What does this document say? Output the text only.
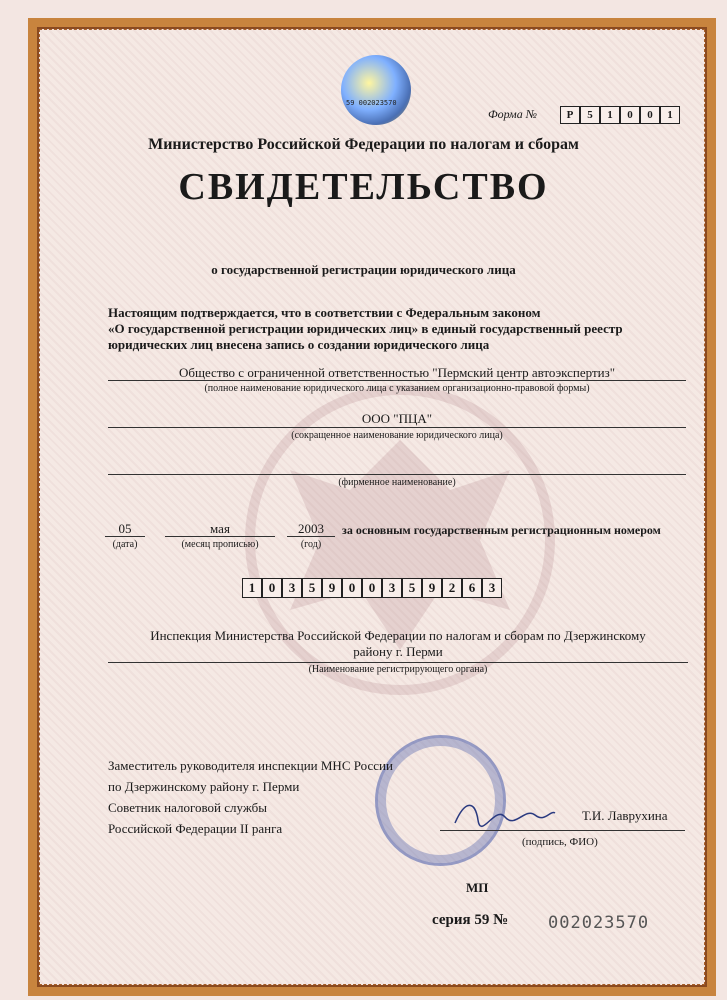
59 002023570
Форма №	Р	5	1	0	0	1
Министерство Российской Федерации по налогам и сборам
СВИДЕТЕЛЬСТВО
о государственной регистрации юридического лица
Настоящим подтверждается, что в соответствии с Федеральным законом
«О государственной регистрации юридических лиц» в единый государственный реестр
юридических лиц внесена запись о создании юридического лица
Общество с ограниченной ответственностью "Пермский центр автоэкспертиз"
(полное наименование юридического лица с указанием организационно-правовой формы)
ООО "ПЦА"
(сокращенное наименование юридического лица)
(фирменное наименование)
05
(дата)
мая
(месяц прописью)
2003
(год)
за основным государственным регистрационным номером
1	0	3	5	9	0	0	3	5	9	2	6	3
Инспекция Министерства Российской Федерации по налогам и сборам по Дзержинскому
району г. Перми
(Наименование регистрирующего органа)
Заместитель руководителя инспекции МНС России
по Дзержинскому району г. Перми
Советник налоговой службы
Российской Федерации II ранга
Т.И. Лаврухина
(подпись, ФИО)
МП
серия 59 № 002023570
